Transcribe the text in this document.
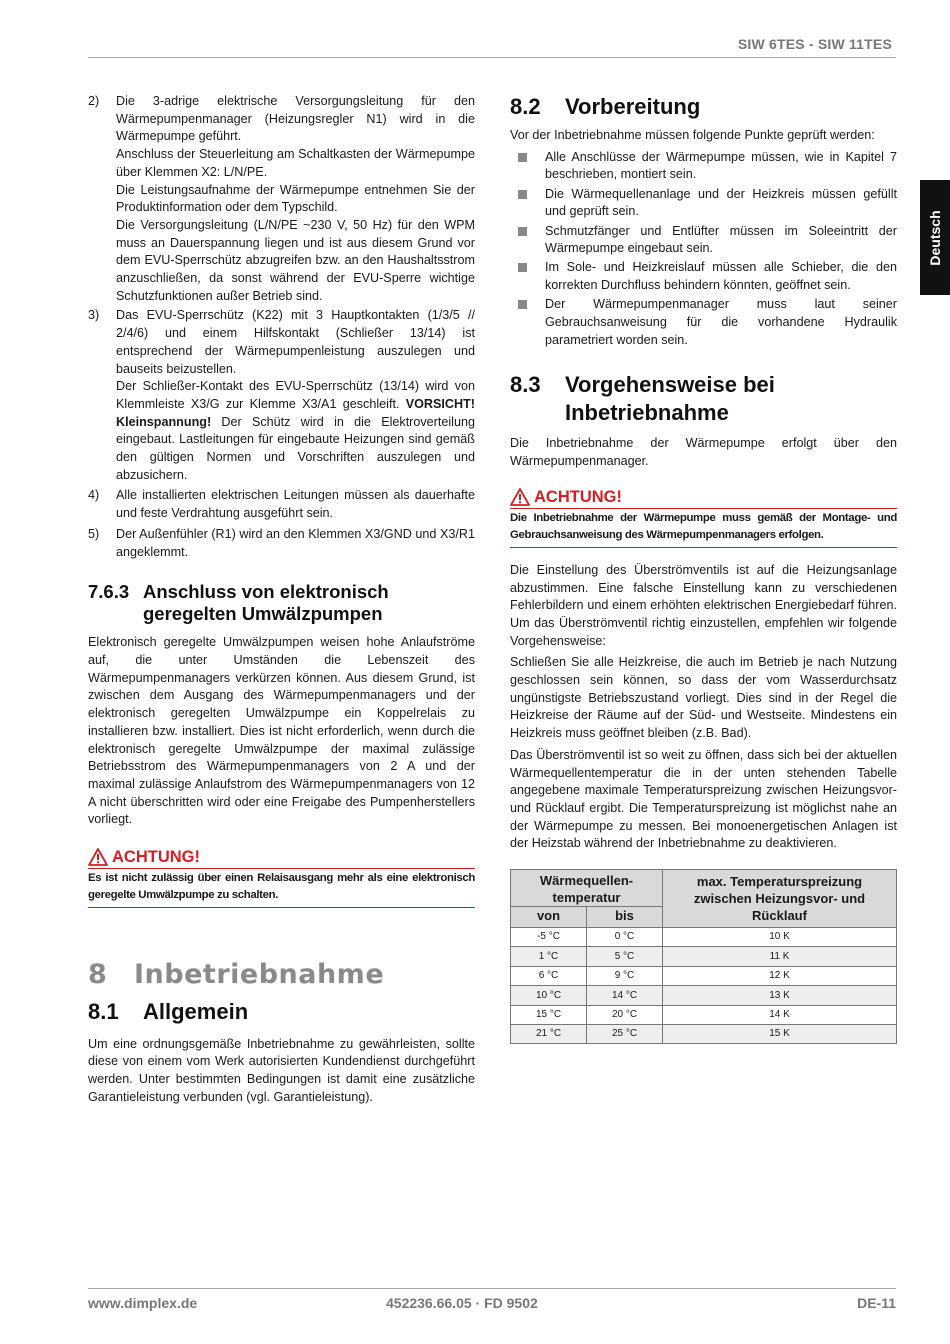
SIW 6TES - SIW 11TES
Deutsch
2)	Die 3-adrige elektrische Versorgungsleitung für den Wärmepumpenmanager (Heizungsregler N1) wird in die Wärmepumpe geführt.
Anschluss der Steuerleitung am Schaltkasten der Wärmepumpe über Klemmen X2: L/N/PE.
Die Leistungsaufnahme der Wärmepumpe entnehmen Sie der Produktinformation oder dem Typschild.
Die Versorgungsleitung (L/N/PE ~230 V, 50 Hz) für den WPM muss an Dauerspannung liegen und ist aus diesem Grund vor dem EVU-Sperrschütz abzugreifen bzw. an den Haushaltsstrom anzuschließen, da sonst während der EVU-Sperre wichtige Schutzfunktionen außer Betrieb sind.
3)	Das EVU-Sperrschütz (K22) mit 3 Hauptkontakten (1/3/5 // 2/4/6) und einem Hilfskontakt (Schließer 13/14) ist entsprechend der Wärmepumpenleistung auszulegen und bauseits beizustellen.
Der Schließer-Kontakt des EVU-Sperrschütz (13/14) wird von Klemmleiste X3/G zur Klemme X3/A1 geschleift. VORSICHT! Kleinspannung! Der Schütz wird in die Elektroverteilung eingebaut. Lastleitungen für eingebaute Heizungen sind gemäß den gültigen Normen und Vorschriften auszulegen und abzusichern.
4)	Alle installierten elektrischen Leitungen müssen als dauerhafte und feste Verdrahtung ausgeführt sein.
5)	Der Außenfühler (R1) wird an den Klemmen X3/GND und X3/R1 angeklemmt.
7.6.3 Anschluss von elektronisch geregelten Umwälzpumpen

Elektronisch geregelte Umwälzpumpen weisen hohe Anlaufströme auf, die unter Umständen die Lebenszeit des Wärmepumpenmanagers verkürzen können. Aus diesem Grund, ist zwischen dem Ausgang des Wärmepumpenmanagers und der elektronisch geregelten Umwälzpumpe ein Koppelrelais zu installieren bzw. installiert. Dies ist nicht erforderlich, wenn durch die elektronisch geregelte Umwälzpumpe der maximal zulässige Betriebsstrom des Wärmepumpenmanagers von 2 A und der maximal zulässige Anlaufstrom des Wärmepumpenmanagers von 12 A nicht überschritten wird oder eine Freigabe des Pumpenherstellers vorliegt.

ACHTUNG!
Es ist nicht zulässig über einen Relaisausgang mehr als eine elektronisch geregelte Umwälzpumpe zu schalten.
8 Inbetriebnahme
8.1	Allgemein

Um eine ordnungsgemäße Inbetriebnahme zu gewährleisten, sollte diese von einem vom Werk autorisierten Kundendienst durchgeführt werden. Unter bestimmten Bedingungen ist damit eine zusätzliche Garantieleistung verbunden (vgl. Garantieleistung).

8.2	Vorbereitung

Vor der Inbetriebnahme müssen folgende Punkte geprüft werden:

Alle Anschlüsse der Wärmepumpe müssen, wie in Kapitel 7 beschrieben, montiert sein.
Die Wärmequellenanlage und der Heizkreis müssen gefüllt und geprüft sein.
Schmutzfänger und Entlüfter müssen im Soleeintritt der Wärmepumpe eingebaut sein.
Im Sole- und Heizkreislauf müssen alle Schieber, die den korrekten Durchfluss behindern könnten, geöffnet sein.
Der Wärmepumpenmanager muss laut seiner Gebrauchsanweisung für die vorhandene Hydraulik parametriert worden sein.
8.3	Vorgehensweise bei Inbetriebnahme

Die Inbetriebnahme der Wärmepumpe erfolgt über den Wärmepumpenmanager.

ACHTUNG!
Die Inbetriebnahme der Wärmepumpe muss gemäß der Montage- und Gebrauchsanweisung des Wärmepumpenmanagers erfolgen.

Die Einstellung des Überströmventils ist auf die Heizungsanlage abzustimmen. Eine falsche Einstellung kann zu verschiedenen Fehlerbildern und einem erhöhten elektrischen Energiebedarf führen. Um das Überströmventil richtig einzustellen, empfehlen wir folgende Vorgehensweise:

Schließen Sie alle Heizkreise, die auch im Betrieb je nach Nutzung geschlossen sein können, so dass der vom Wasserdurchsatz ungünstigste Betriebszustand vorliegt. Dies sind in der Regel die Heizkreise der Räume auf der Süd- und Westseite. Mindestens ein Heizkreis muss geöffnet bleiben (z.B. Bad).

Das Überströmventil ist so weit zu öffnen, dass sich bei der aktuellen Wärmequellentemperatur die in der unten stehenden Tabelle angegebene maximale Temperaturspreizung zwischen Heizungsvor- und Rücklauf ergibt. Die Temperaturspreizung ist möglichst nahe an der Wärmepumpe zu messen. Bei monoenergetischen Anlagen ist der Heizstab während der Inbetriebnahme zu deaktivieren.

Wärmequellen-temperatur		max. Temperaturspreizung zwischen Heizungsvor- und Rücklauf
von	bis	
-5 °C	0 °C	10 K
1 °C	5 °C	11 K
6 °C	9 °C	12 K
10 °C	14 °C	13 K
15 °C	20 °C	14 K
21 °C	25 °C	15 K
www.dimplex.de	452236.66.05 · FD 9502	DE-11
